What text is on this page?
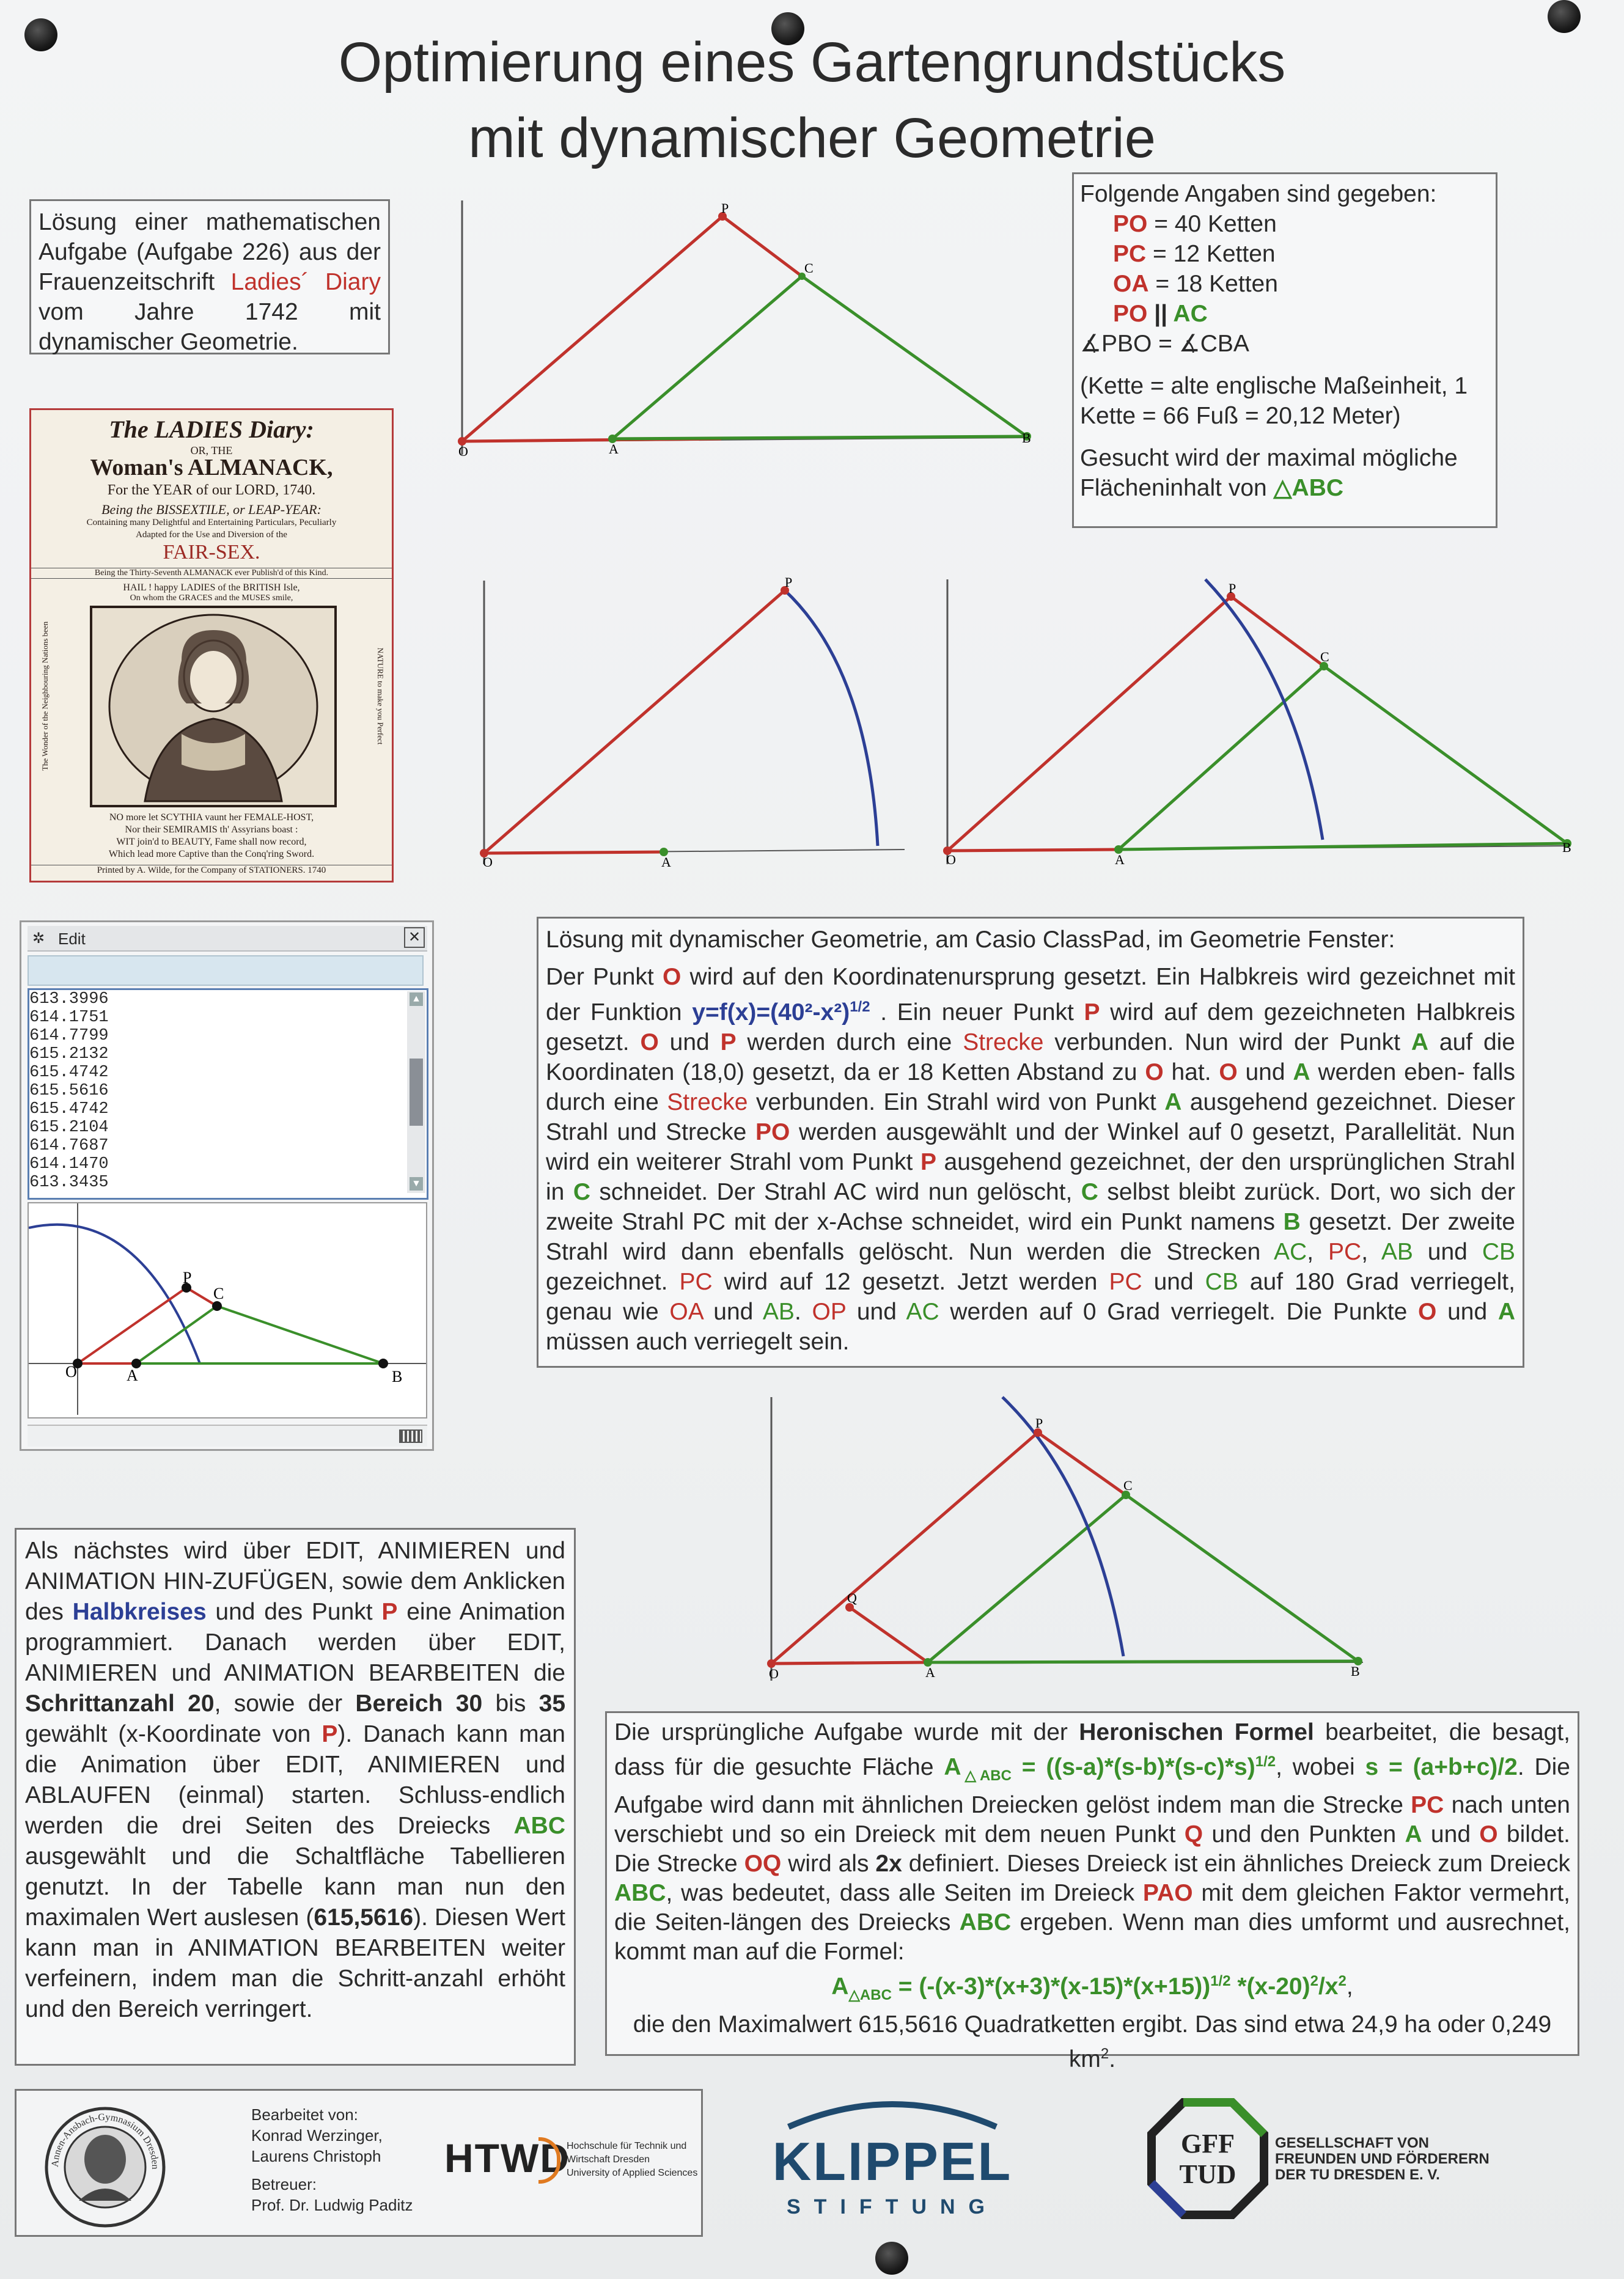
Optimierung eines Gartengrundstücks
mit dynamischer Geometrie
Lösung einer mathematischen Aufgabe (Aufgabe 226) aus der Frauenzeitschrift Ladies´ Diary vom Jahre 1742 mit dynamischer Geometrie.
The LADIES Diary:
OR, THE
Woman's ALMANACK,
For the YEAR of our LORD, 1740.
Being the BISSEXTILE, or LEAP-YEAR:
Containing many Delightful and Entertaining Particulars, Peculiarly
Adapted for the Use and Diversion of the
FAIR-SEX.
Being the Thirty-Seventh ALMANACK ever Publish'd of this Kind.
HAIL ! happy LADIES of the BRITISH Isle,
On whom the GRACES and the MUSES smile,
The Wonder of the Neighbouring Nations been	NATURE to make you Perfect
NO more let SCYTHIA vaunt her FEMALE-HOST,
Nor their SEMIRAMIS th' Assyrians boast :
WIT join'd to BEAUTY, Fame shall now record,
Which lead more Captive than the Conq'ring Sword.
Printed by A. Wilde, for the Company of STATIONERS. 1740
P
C
O	A
B
Folgende Angaben sind gegeben:
PO = 40 Ketten
PC = 12 Ketten
OA = 18 Ketten
PO || AC
∡PBO = ∡CBA
(Kette = alte englische Maßeinheit, 1 Kette = 66 Fuß = 20,12 Meter)
Gesucht wird der maximal mögliche Flächeninhalt von △ABC
P
O	A
P
C
O	A
B
✲ Edit	✕
613.3996
614.1751
614.7799
615.2132
615.4742
615.5616
615.4742
615.2104
614.7687
614.1470
613.3435
▲
▼
P
C
O	A	B
Lösung mit dynamischer Geometrie, am Casio ClassPad, im Geometrie Fenster:
Der Punkt O wird auf den Koordinatenursprung gesetzt. Ein Halbkreis wird gezeichnet mit der Funktion $y=f(x)=(40^2-x^2)^{1/2}$ . Ein neuer Punkt P wird auf dem gezeichneten Halbkreis gesetzt. O und P werden durch eine Strecke verbunden. Nun wird der Punkt A auf die Koordinaten (18,0) gesetzt, da er 18 Ketten Abstand zu O hat. O und A werden eben- falls durch eine Strecke verbunden. Ein Strahl wird von Punkt A ausgehend gezeichnet. Dieser Strahl und Strecke PO werden ausgewählt und der Winkel auf 0 gesetzt, Parallelität. Nun wird ein weiterer Strahl vom Punkt P ausgehend gezeichnet, der den ursprünglichen Strahl in C schneidet. Der Strahl AC wird nun gelöscht, C selbst bleibt zurück. Dort, wo sich der zweite Strahl PC mit der x-Achse schneidet, wird ein Punkt namens B gesetzt. Der zweite Strahl wird dann ebenfalls gelöscht. Nun werden die Strecken AC, PC, AB und CB gezeichnet. PC wird auf 12 gesetzt. Jetzt werden PC und CB auf 180 Grad verriegelt, genau wie OA und AB. OP und AC werden auf 0 Grad verriegelt. Die Punkte O und A müssen auch verriegelt sein.
P
C
Q
O	A	B
Als nächstes wird über EDIT, ANIMIEREN und ANIMATION HIN-ZUFÜGEN, sowie dem Anklicken des Halbkreises und des Punkt P eine Animation programmiert. Danach werden über EDIT, ANIMIEREN und ANIMATION BEARBEITEN die Schrittanzahl 20, sowie der Bereich 30 bis 35 gewählt (x-Koordinate von P). Danach kann man die Animation über EDIT, ANIMIEREN und ABLAUFEN (einmal) starten. Schluss-endlich werden die drei Seiten des Dreiecks ABC ausgewählt und die Schaltfläche Tabellieren genutzt. In der Tabelle kann man nun den maximalen Wert auslesen (615,5616). Diesen Wert kann man in ANIMATION BEARBEITEN weiter verfeinern, indem man die Schritt-anzahl erhöht und den Bereich verringert.
Die ursprüngliche Aufgabe wurde mit der Heronischen Formel bearbeitet, die besagt, dass für die gesuchte Fläche $A_{\triangle ABC} = ((s-a)*(s-b)*(s-c)*s)^{1/2}$, wobei s = (a+b+c)/2. Die Aufgabe wird dann mit ähnlichen Dreiecken gelöst indem man die Strecke PC nach unten verschiebt und so ein Dreieck mit dem neuen Punkt Q und den Punkten A und O bildet. Die Strecke OQ wird als 2x definiert. Dieses Dreieck ist ein ähnliches Dreieck zum Dreieck ABC, was bedeutet, dass alle Seiten im Dreieck PAO mit dem gleichen Faktor vermehrt, die Seiten-längen des Dreiecks ABC ergeben. Wenn man dies umformt und ausrechnet, kommt man auf die Formel:
$A_{\triangle ABC} = (-(x-3)*(x+3)*(x-15)*(x+15))^{1/2}$ $*(x-20)^2/x^2$,
die den Maximalwert 615,5616 Quadratketten ergibt. Das sind etwa 24,9 ha oder 0,249 $km^2$.
Annen-Ansbach-Gymnasium Dresden
Bearbeitet von:
Konrad Werzinger,
Laurens Christoph
Betreuer:
Prof. Dr. Ludwig Paditz
HTWD
Hochschule für Technik und
Wirtschaft Dresden
University of Applied Sciences KLIPPEL
STIFTUNG
GFF
TUD
GESELLSCHAFT VON
FREUNDEN UND FÖRDERERN
DER TU DRESDEN E. V.
